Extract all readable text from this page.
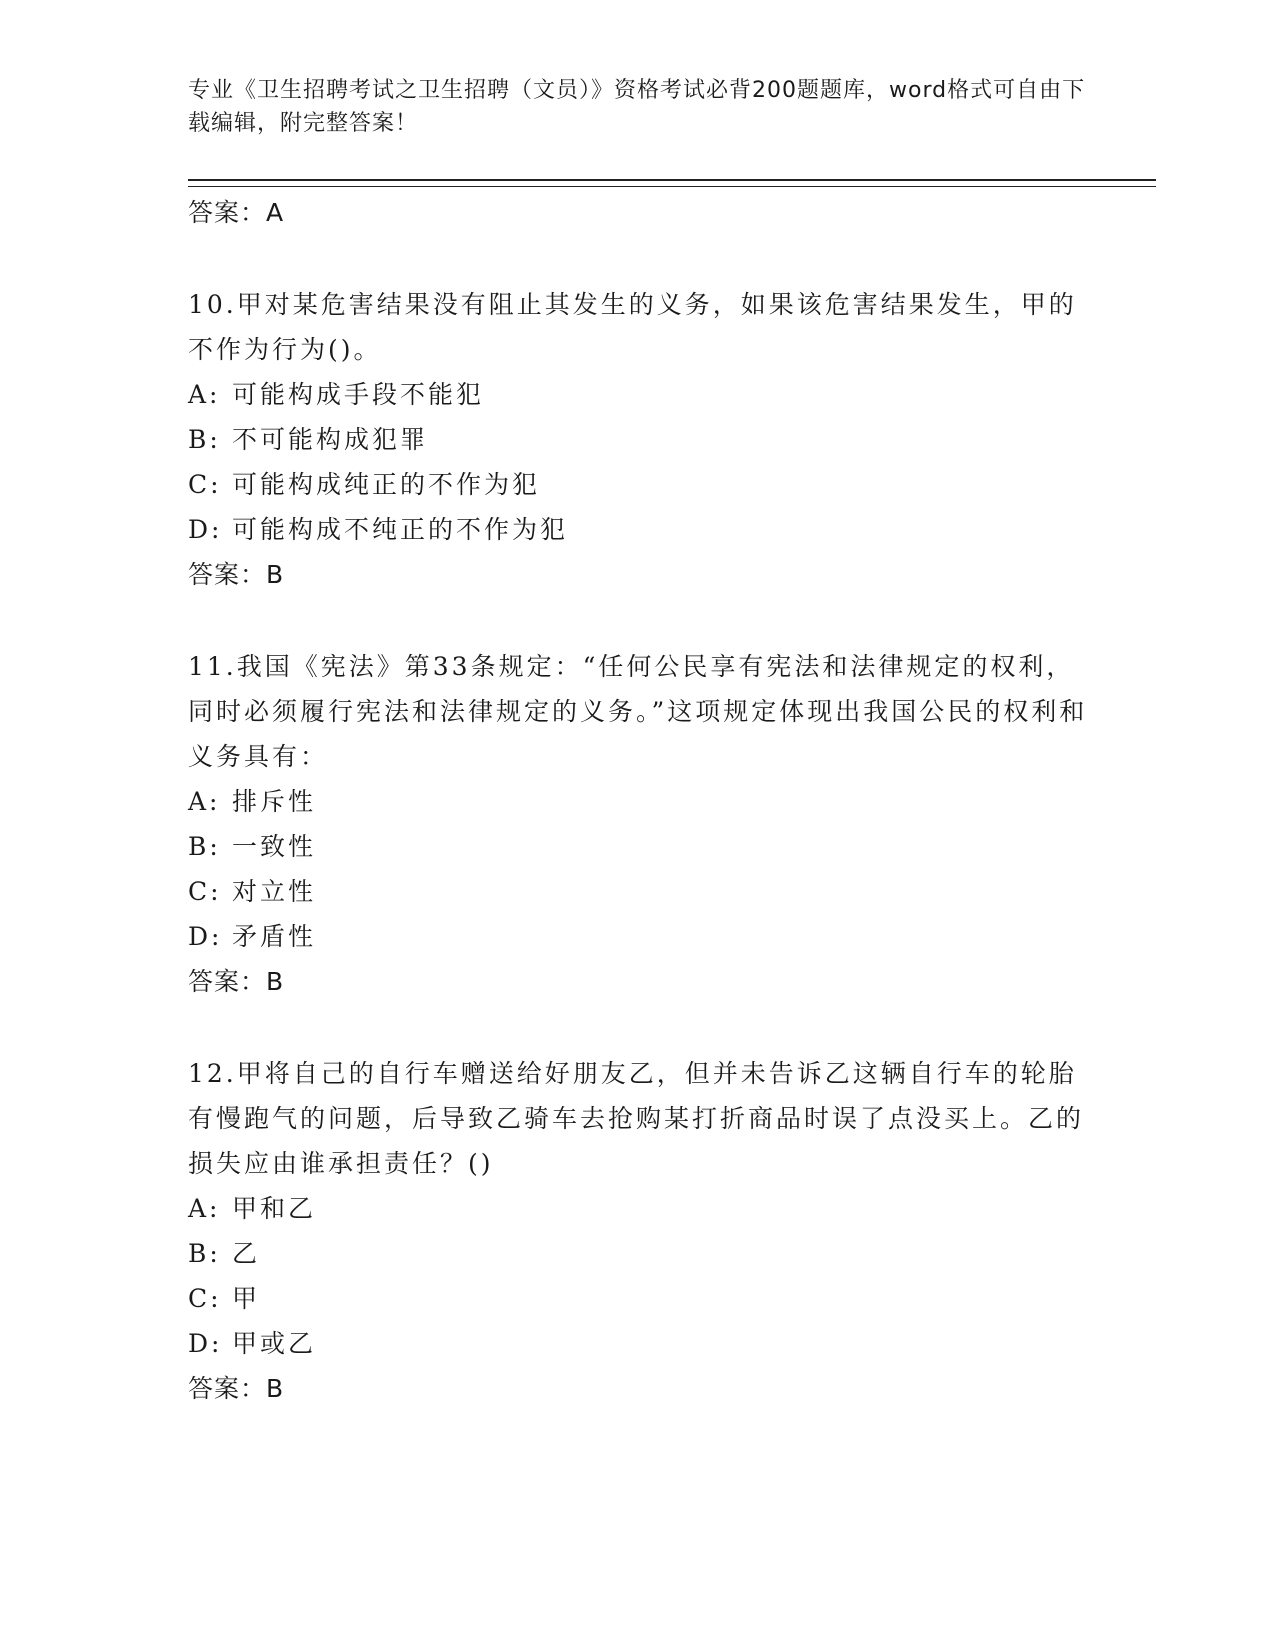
专业《卫生招聘考试之卫生招聘（文员）》资格考试必背200题题库，word格式可自由下载编辑，附完整答案！
答案：A
10.甲对某危害结果没有阻止其发生的义务，如果该危害结果发生，甲的不作为行为()。
A: 可能构成手段不能犯
B: 不可能构成犯罪
C: 可能构成纯正的不作为犯
D: 可能构成不纯正的不作为犯
答案：B
11.我国《宪法》第33条规定：“任何公民享有宪法和法律规定的权利，同时必须履行宪法和法律规定的义务。”这项规定体现出我国公民的权利和义务具有：
A: 排斥性
B: 一致性
C: 对立性
D: 矛盾性
答案：B
12.甲将自己的自行车赠送给好朋友乙，但并未告诉乙这辆自行车的轮胎有慢跑气的问题，后导致乙骑车去抢购某打折商品时误了点没买上。乙的损失应由谁承担责任？()
A: 甲和乙
B: 乙
C: 甲
D: 甲或乙
答案：B
